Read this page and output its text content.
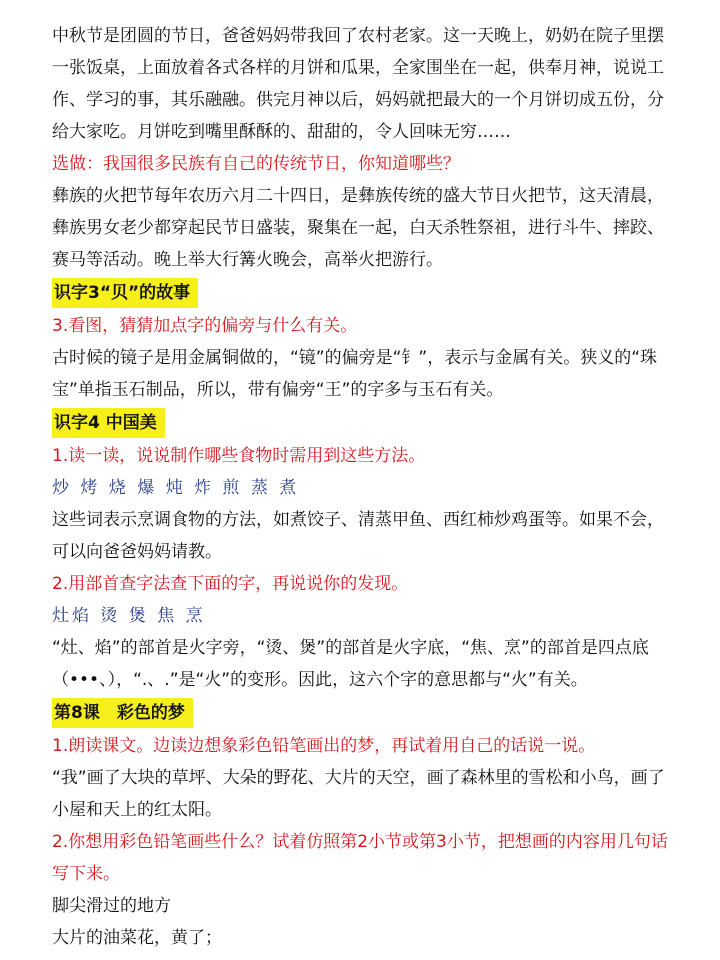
中秋节是团圆的节日，爸爸妈妈带我回了农村老家。这一天晚上，奶奶在院子里摆一张饭桌，上面放着各式各样的月饼和瓜果，全家围坐在一起，供奉月神，说说工作、学习的事，其乐融融。供完月神以后，妈妈就把最大的一个月饼切成五份，分给大家吃。月饼吃到嘴里酥酥的、甜甜的，令人回味无穷……

选做：我国很多民族有自己的传统节日，你知道哪些？

彝族的火把节每年农历六月二十四日，是彝族传统的盛大节日火把节，这天清晨，彝族男女老少都穿起民节日盛装，聚集在一起，白天杀牲祭祖，进行斗牛、摔跤、赛马等活动。晚上举大行篝火晚会，高举火把游行。

识字3“贝”的故事

3.看图，猜猜加点字的偏旁与什么有关。

古时候的镜子是用金属铜做的，“镜”的偏旁是“钅”，表示与金属有关。狭义的“珠宝”单指玉石制品，所以，带有偏旁“王”的字多与玉石有关。

识字4 中国美

1.读一读，说说制作哪些食物时需用到这些方法。

炒 烤 烧 爆 炖 炸 煎 蒸 煮

这些词表示烹调食物的方法，如煮饺子、清蒸甲鱼、西红柿炒鸡蛋等。如果不会，可以向爸爸妈妈请教。

2.用部首查字法查下面的字，再说说你的发现。

灶焰 烫 煲 焦 烹

“灶、焰”的部首是火字旁，“烫、煲”的部首是火字底，“焦、烹”的部首是四点底（•••、），“.、.”是“火”的变形。因此，这六个字的意思都与“火”有关。

第8课　彩色的梦

1.朗读课文。边读边想象彩色铅笔画出的梦，再试着用自己的话说一说。

“我”画了大块的草坪、大朵的野花、大片的天空，画了森林里的雪松和小鸟，画了小屋和天上的红太阳。

2.你想用彩色铅笔画些什么？试着仿照第2小节或第3小节，把想画的内容用几句话写下来。

脚尖滑过的地方

大片的油菜花，黄了；
